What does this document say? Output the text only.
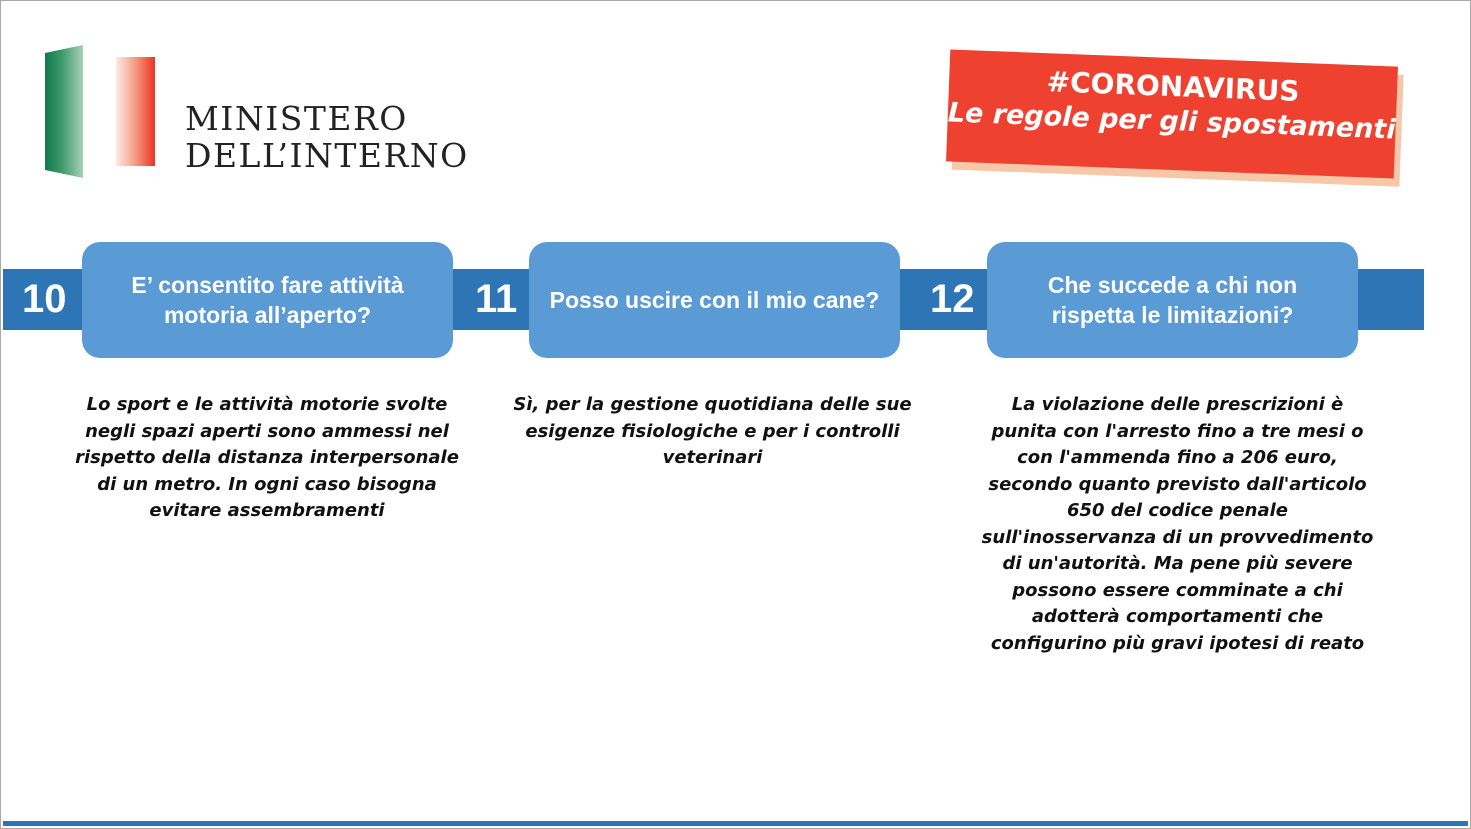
MINISTERO
DELL’INTERNO
#CORONAVIRUS
Le regole per gli spostamenti
10	E’ consentito fare attività motoria all’aperto?	11 Posso uscire con il mio cane? 12	Che succede a chi non rispetta le limitazioni?
Lo sport e le attività motorie svolte negli spazi aperti sono ammessi nel rispetto della distanza interpersonale di un metro. In ogni caso bisogna evitare assembramenti
Sì, per la gestione quotidiana delle sue esigenze fisiologiche e per i controlli veterinari
La violazione delle prescrizioni è punita con l'arresto fino a tre mesi o con l'ammenda fino a 206 euro, secondo quanto previsto dall'articolo 650 del codice penale sull'inosservanza di un provvedimento di un'autorità. Ma pene più severe possono essere comminate a chi adotterà comportamenti che configurino più gravi ipotesi di reato
